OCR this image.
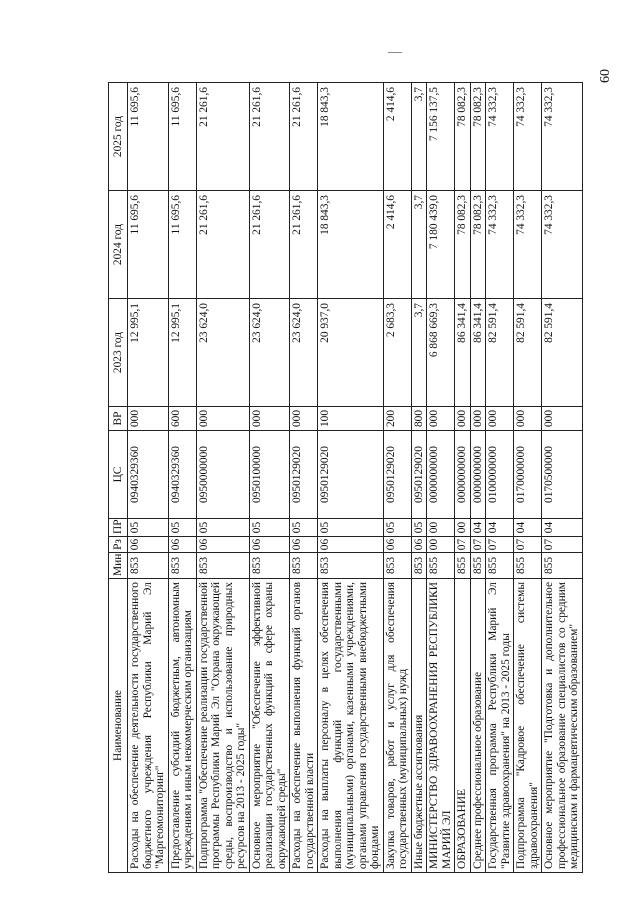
60
Наименование	Мин	Рз	ПР	ЦС	ВР	2023 год	2024 год	2025 год
Расходы на обеспечение деятельности государственного бюджетного учреждения Республики Марий Эл "Маргеомониторинг"	853	06	05	0940329360	000	12 995,1	11 695,6	11 695,6
Предоставление субсидий бюджетным, автономным учреждениям и иным некоммерческим организациям	853	06	05	0940329360	600	12 995,1	11 695,6	11 695,6
Подпрограмма "Обеспечение реализации государственной программы Республики Марий Эл "Охрана окружающей среды, воспроизводство и использование природных ресурсов на 2013 - 2025 годы"	853	06	05	0950000000	000	23 624,0	21 261,6	21 261,6
Основное мероприятие "Обеспечение эффективной реализации государственных функций в сфере охраны окружающей среды"	853	06	05	0950100000	000	23 624,0	21 261,6	21 261,6
Расходы на обеспечение выполнения функций органов государственной власти	853	06	05	0950129020	000	23 624,0	21 261,6	21 261,6
Расходы на выплаты персоналу в целях обеспечения выполнения функций государственными (муниципальными) органами, казенными учреждениями, органами управления государственными внебюджетными фондами	853	06	05	0950129020	100	20 937,0	18 843,3	18 843,3
Закупка товаров, работ и услуг для обеспечения государственных (муниципальных) нужд	853	06	05	0950129020	200	2 683,3	2 414,6	2 414,6
Иные бюджетные ассигнования	853	06	05	0950129020	800	3,7	3,7	3,7
МИНИСТЕРСТВО ЗДРАВООХРАНЕНИЯ РЕСПУБЛИКИ МАРИЙ ЭЛ	855	00	00	0000000000	000	6 868 669,3	7 180 439,0	7 156 137,5
ОБРАЗОВАНИЕ	855	07	00	0000000000	000	86 341,4	78 082,3	78 082,3
Среднее профессиональное образование	855	07	04	0000000000	000	86 341,4	78 082,3	78 082,3
Государственная программа Республики Марий Эл "Развитие здравоохранения" на 2013 - 2025 годы	855	07	04	0100000000	000	82 591,4	74 332,3	74 332,3
Подпрограмма "Кадровое обеспечение системы здравоохранения"	855	07	04	0170000000	000	82 591,4	74 332,3	74 332,3
Основное мероприятие "Подготовка и дополнительное профессиональное образование специалистов со средним медицинским и фармацевтическим образованием"	855	07	04	0170500000	000	82 591,4	74 332,3	74 332,3
